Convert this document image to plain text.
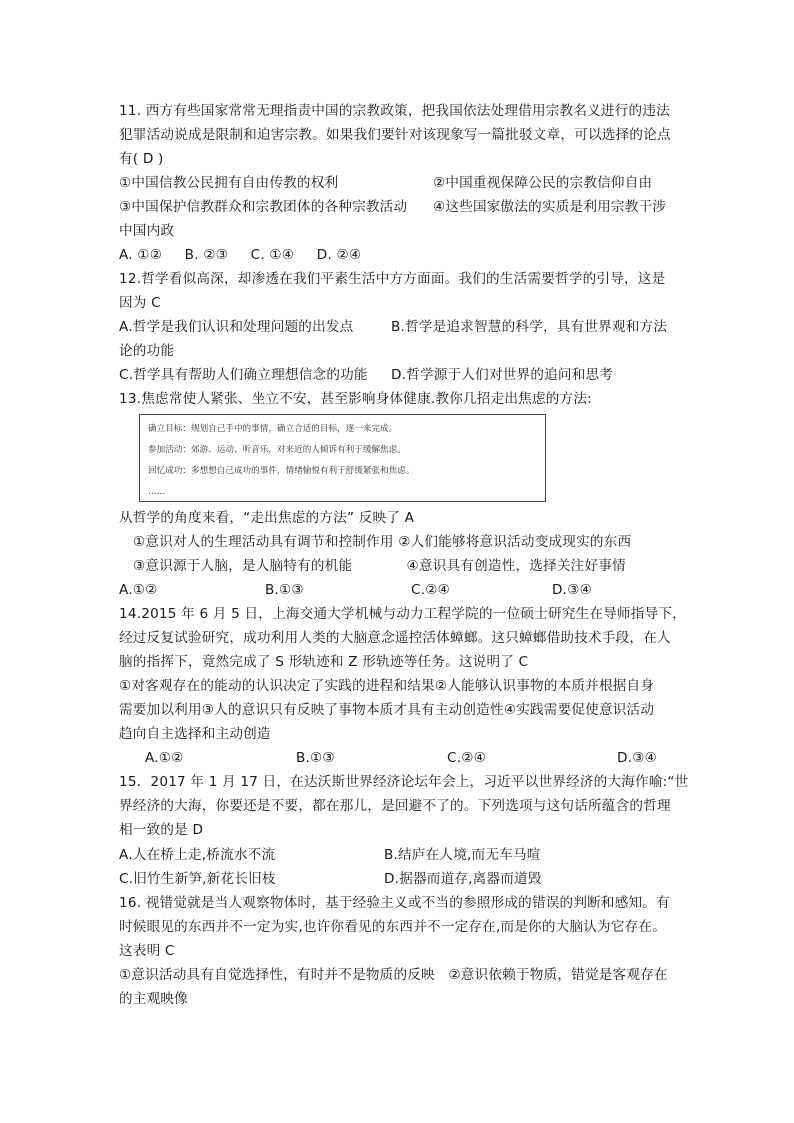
11. 西方有些国家常常无理指责中国的宗教政策，把我国依法处理借用宗教名义进行的违法
犯罪活动说成是限制和迫害宗教。如果我们要针对该现象写一篇批驳文章，可以选择的论点
有( D )
①中国信教公民拥有自由传教的权利	②中国重视保障公民的宗教信仰自由
③中国保护信教群众和宗教团体的各种宗教活动 ④这些国家傲法的实质是利用宗教干涉
中国内政
A. ①②     B. ②③     C. ①④     D. ②④
12.哲学看似高深，却渗透在我们平素生活中方方面面。我们的生活需要哲学的引导，这是
因为 C
A.哲学是我们认识和处理问题的出发点	B.哲学是追求智慧的科学，具有世界观和方法
论的功能
C.哲学具有帮助人们确立理想信念的功能 D.哲学源于人们对世界的追问和思考
13.焦虑常使人紧张、坐立不安，甚至影响身体健康.教你几招走出焦虑的方法:
确立目标：规划自己手中的事情，确立合适的目标，逐一来完成。
参加活动：郊游、运动、听音乐，对来近的人倾诉有利于缓解焦虑。
回忆成功：多想想自己成功的事件，情绪愉悦有利于舒缓紧张和焦虑。
……
从哲学的角度来看，“走出焦虑的方法” 反映了 A
①意识对人的生理活动具有调节和控制作用 ②人们能够将意识活动变成现实的东西
③意识源于人脑，是人脑特有的机能            ④意识具有创造性，选择关注好事情
A.①②	B.①③	C.②④	D.③④
14.2015 年 6 月 5 日，上海交通大学机械与动力工程学院的一位硕士研究生在导师指导下，
经过反复试验研究，成功利用人类的大脑意念遥控活体蟑螂。这只蟑螂借助技术手段，在人
脑的指挥下，竟然完成了 S 形轨迹和 Z 形轨迹等任务。这说明了 C
①对客观存在的能动的认识决定了实践的进程和结果②人能够认识事物的本质并根据自身
需要加以利用③人的意识只有反映了事物本质才具有主动创造性④实践需要促使意识活动
趋向自主选择和主动创造
A.①②	B.①③	C.②④	D.③④
15．2017 年 1 月 17 日，在达沃斯世界经济论坛年会上，习近平以世界经济的大海作喻:“世
界经济的大海，你要还是不要，都在那儿，是回避不了的。下列选项与这句话所蕴含的哲理
相一致的是 D
A.人在桥上走,桥流水不流	B.结庐在人境,而无车马喧
C.旧竹生新笋,新花长旧枝	D.据器而道存,离器而道毁
16. 视错觉就是当人观察物体时，基于经验主义或不当的参照形成的错误的判断和感知。有
时候眼见的东西并不一定为实,也许你看见的东西并不一定存在,而是你的大脑认为它存在。
这表明 C
①意识活动具有自觉选择性，有时并不是物质的反映   ②意识依赖于物质，错觉是客观存在
的主观映像
